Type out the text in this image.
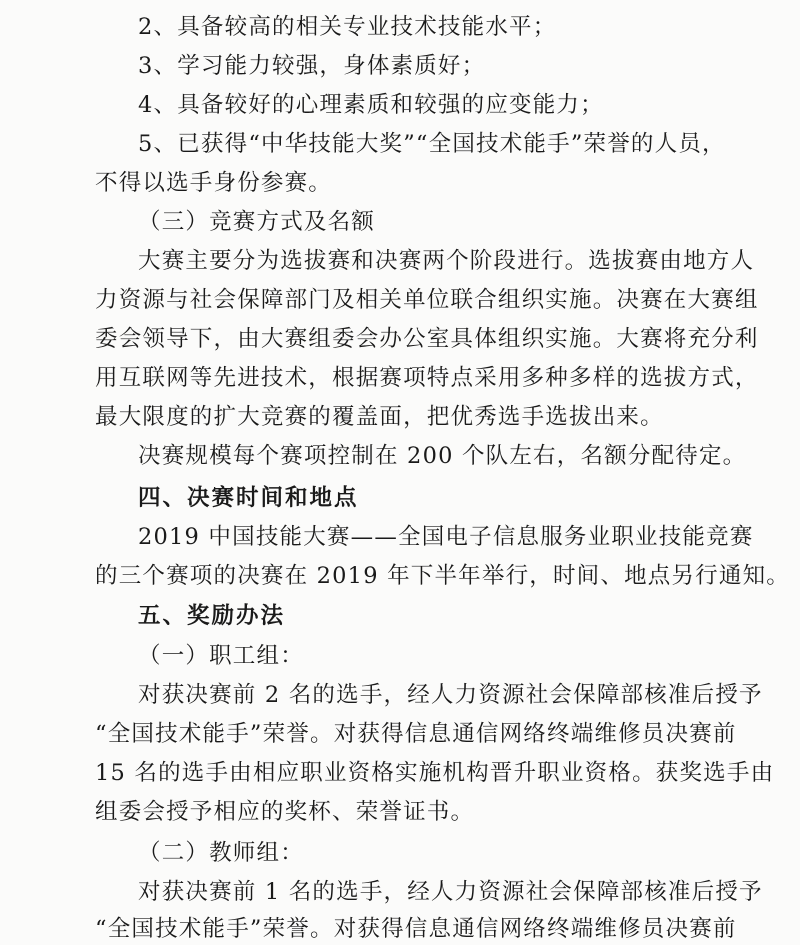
2、具备较高的相关专业技术技能水平；
3、学习能力较强，身体素质好；
4、具备较好的心理素质和较强的应变能力；
5、已获得“中华技能大奖”“全国技术能手”荣誉的人员，
不得以选手身份参赛。
（三）竞赛方式及名额
大赛主要分为选拔赛和决赛两个阶段进行。选拔赛由地方人
力资源与社会保障部门及相关单位联合组织实施。决赛在大赛组
委会领导下，由大赛组委会办公室具体组织实施。大赛将充分利
用互联网等先进技术，根据赛项特点采用多种多样的选拔方式，
最大限度的扩大竞赛的覆盖面，把优秀选手选拔出来。
决赛规模每个赛项控制在 200 个队左右，名额分配待定。
四、决赛时间和地点
2019 中国技能大赛——全国电子信息服务业职业技能竞赛
的三个赛项的决赛在 2019 年下半年举行，时间、地点另行通知。
五、奖励办法
（一）职工组：
对获决赛前 2 名的选手，经人力资源社会保障部核准后授予
“全国技术能手”荣誉。对获得信息通信网络终端维修员决赛前
15 名的选手由相应职业资格实施机构晋升职业资格。获奖选手由
组委会授予相应的奖杯、荣誉证书。
（二）教师组：
对获决赛前 1 名的选手，经人力资源社会保障部核准后授予
“全国技术能手”荣誉。对获得信息通信网络终端维修员决赛前
